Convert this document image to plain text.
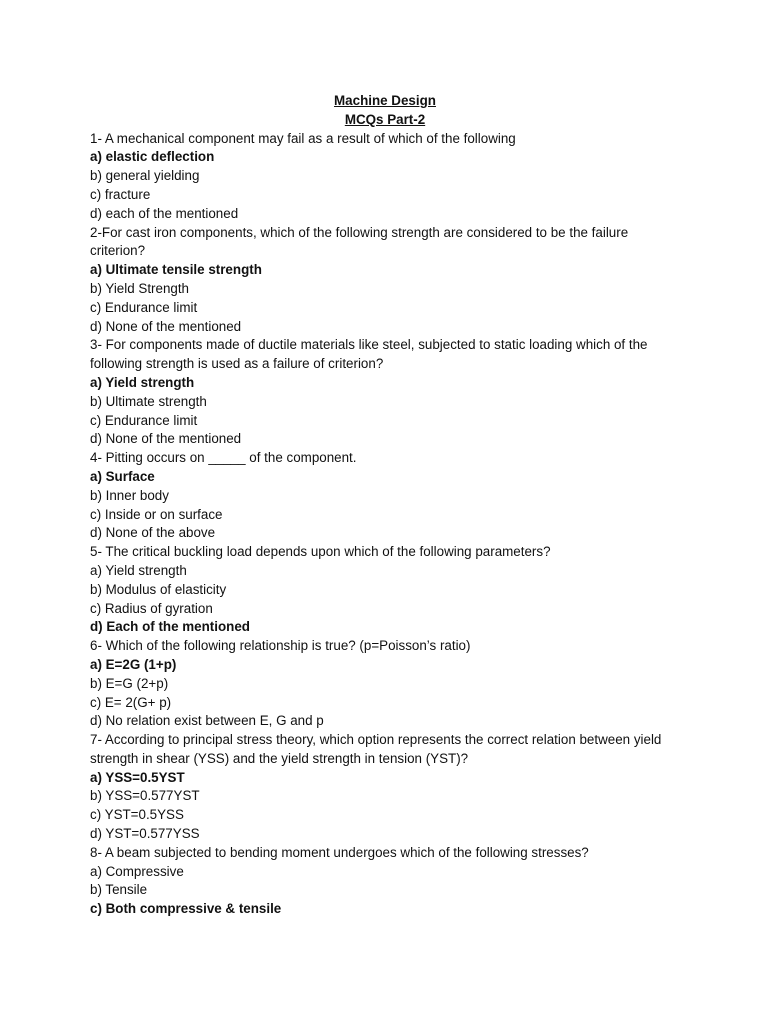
Machine Design

MCQs Part-2

1- A mechanical component may fail as a result of which of the following

a) elastic deflection

b) general yielding

c) fracture

d) each of the mentioned

2-For cast iron components, which of the following strength are considered to be the failure criterion?

a) Ultimate tensile strength

b) Yield Strength

c) Endurance limit

d) None of the mentioned

3- For components made of ductile materials like steel, subjected to static loading which of the following strength is used as a failure of criterion?

a) Yield strength

b) Ultimate strength

c) Endurance limit

d) None of the mentioned

4- Pitting occurs on _____ of the component.

a) Surface

b) Inner body

c) Inside or on surface

d) None of the above

5- The critical buckling load depends upon which of the following parameters?

a) Yield strength

b) Modulus of elasticity

c) Radius of gyration

d) Each of the mentioned

6- Which of the following relationship is true? (p=Poisson’s ratio)

a) E=2G (1+p)

b) E=G (2+p)

c) E= 2(G+ p)

d) No relation exist between E, G and p

7- According to principal stress theory, which option represents the correct relation between yield strength in shear (YSS) and the yield strength in tension (YST)?

a) YSS=0.5YST

b) YSS=0.577YST

c) YST=0.5YSS

d) YST=0.577YSS

8- A beam subjected to bending moment undergoes which of the following stresses?

a) Compressive

b) Tensile

c) Both compressive & tensile
